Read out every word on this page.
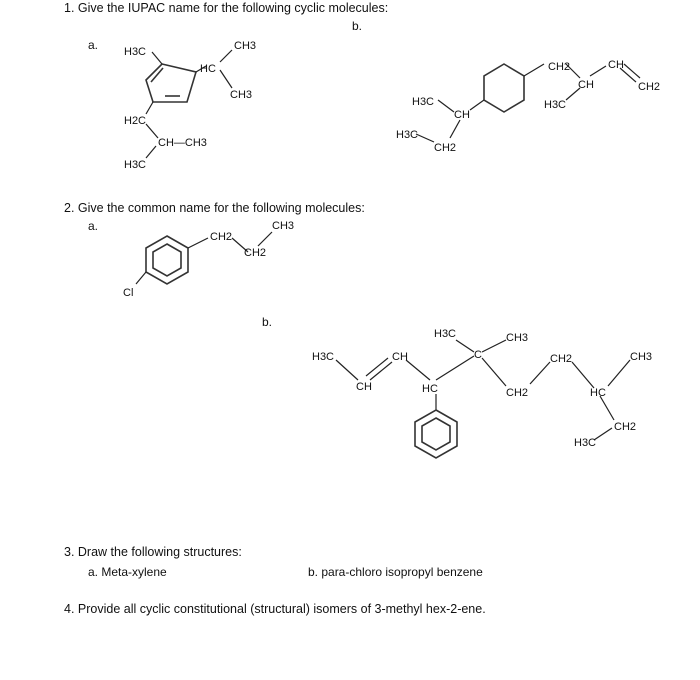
1. Give the IUPAC name for the following cyclic molecules:
a.
b.
2. Give the common name for the following molecules:
a.
b.
3. Draw the following structures:
a. Meta-xylene	b. para-chloro isopropyl benzene
4. Provide all cyclic constitutional (structural) isomers of 3-methyl hex-2-ene.
H3C	CH3
HC
CH3
H2C
CH—CH3
H3C
CH2	CH
CH	CH2
H3C
H3C
CH
H3C
CH2
CH2
CH3
CH2
Cl
H3C
CH
CH
H3C
C
CH3
HC	CH2
CH2	CH3
HC
CH2
H3C
